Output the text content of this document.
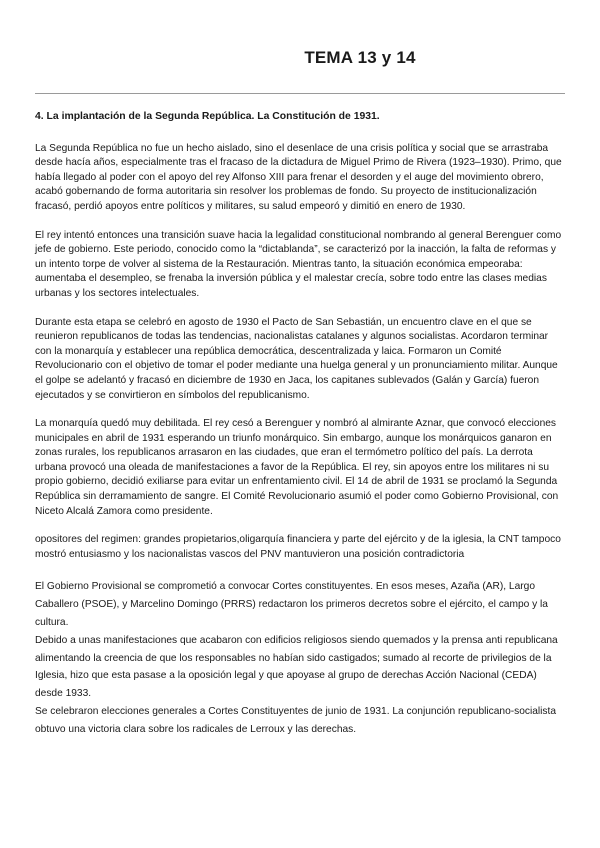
TEMA 13 y 14
4. La implantación de la Segunda República. La Constitución de 1931.

La Segunda República no fue un hecho aislado, sino el desenlace de una crisis política y social que se arrastraba desde hacía años, especialmente tras el fracaso de la dictadura de Miguel Primo de Rivera (1923–1930). Primo, que había llegado al poder con el apoyo del rey Alfonso XIII para frenar el desorden y el auge del movimiento obrero, acabó gobernando de forma autoritaria sin resolver los problemas de fondo. Su proyecto de institucionalización fracasó, perdió apoyos entre políticos y militares, su salud empeoró y dimitió en enero de 1930.

El rey intentó entonces una transición suave hacia la legalidad constitucional nombrando al general Berenguer como jefe de gobierno. Este periodo, conocido como la “dictablanda”, se caracterizó por la inacción, la falta de reformas y un intento torpe de volver al sistema de la Restauración. Mientras tanto, la situación económica empeoraba: aumentaba el desempleo, se frenaba la inversión pública y el malestar crecía, sobre todo entre las clases medias urbanas y los sectores intelectuales.

Durante esta etapa se celebró en agosto de 1930 el Pacto de San Sebastián, un encuentro clave en el que se reunieron republicanos de todas las tendencias, nacionalistas catalanes y algunos socialistas. Acordaron terminar con la monarquía y establecer una república democrática, descentralizada y laica. Formaron un Comité Revolucionario con el objetivo de tomar el poder mediante una huelga general y un pronunciamiento militar. Aunque el golpe se adelantó y fracasó en diciembre de 1930 en Jaca, los capitanes sublevados (Galán y García) fueron ejecutados y se convirtieron en símbolos del republicanismo.

La monarquía quedó muy debilitada. El rey cesó a Berenguer y nombró al almirante Aznar, que convocó elecciones municipales en abril de 1931 esperando un triunfo monárquico. Sin embargo, aunque los monárquicos ganaron en zonas rurales, los republicanos arrasaron en las ciudades, que eran el termómetro político del país. La derrota urbana provocó una oleada de manifestaciones a favor de la República. El rey, sin apoyos entre los militares ni su propio gobierno, decidió exiliarse para evitar un enfrentamiento civil. El 14 de abril de 1931 se proclamó la Segunda República sin derramamiento de sangre. El Comité Revolucionario asumió el poder como Gobierno Provisional, con Niceto Alcalá Zamora como presidente.

opositores del regimen: grandes propietarios,oligarquía financiera y parte del ejército y de la iglesia, la CNT tampoco mostró entusiasmo y los nacionalistas vascos del PNV mantuvieron una posición contradictoria

El Gobierno Provisional se comprometió a convocar Cortes constituyentes. En esos meses, Azaña (AR), Largo Caballero (PSOE), y Marcelino Domingo (PRRS) redactaron los primeros decretos sobre el ejército, el campo y la cultura.

Debido a unas manifestaciones que acabaron con edificios religiosos siendo quemados y la prensa anti republicana alimentando la creencia de que los responsables no habían sido castigados; sumado al recorte de privilegios de la Iglesia, hizo que esta pasase a la oposición legal y que apoyase al grupo de derechas Acción Nacional (CEDA) desde 1933.

Se celebraron elecciones generales a Cortes Constituyentes de junio de 1931. La conjunción republicano-socialista obtuvo una victoria clara sobre los radicales de Lerroux y las derechas.
